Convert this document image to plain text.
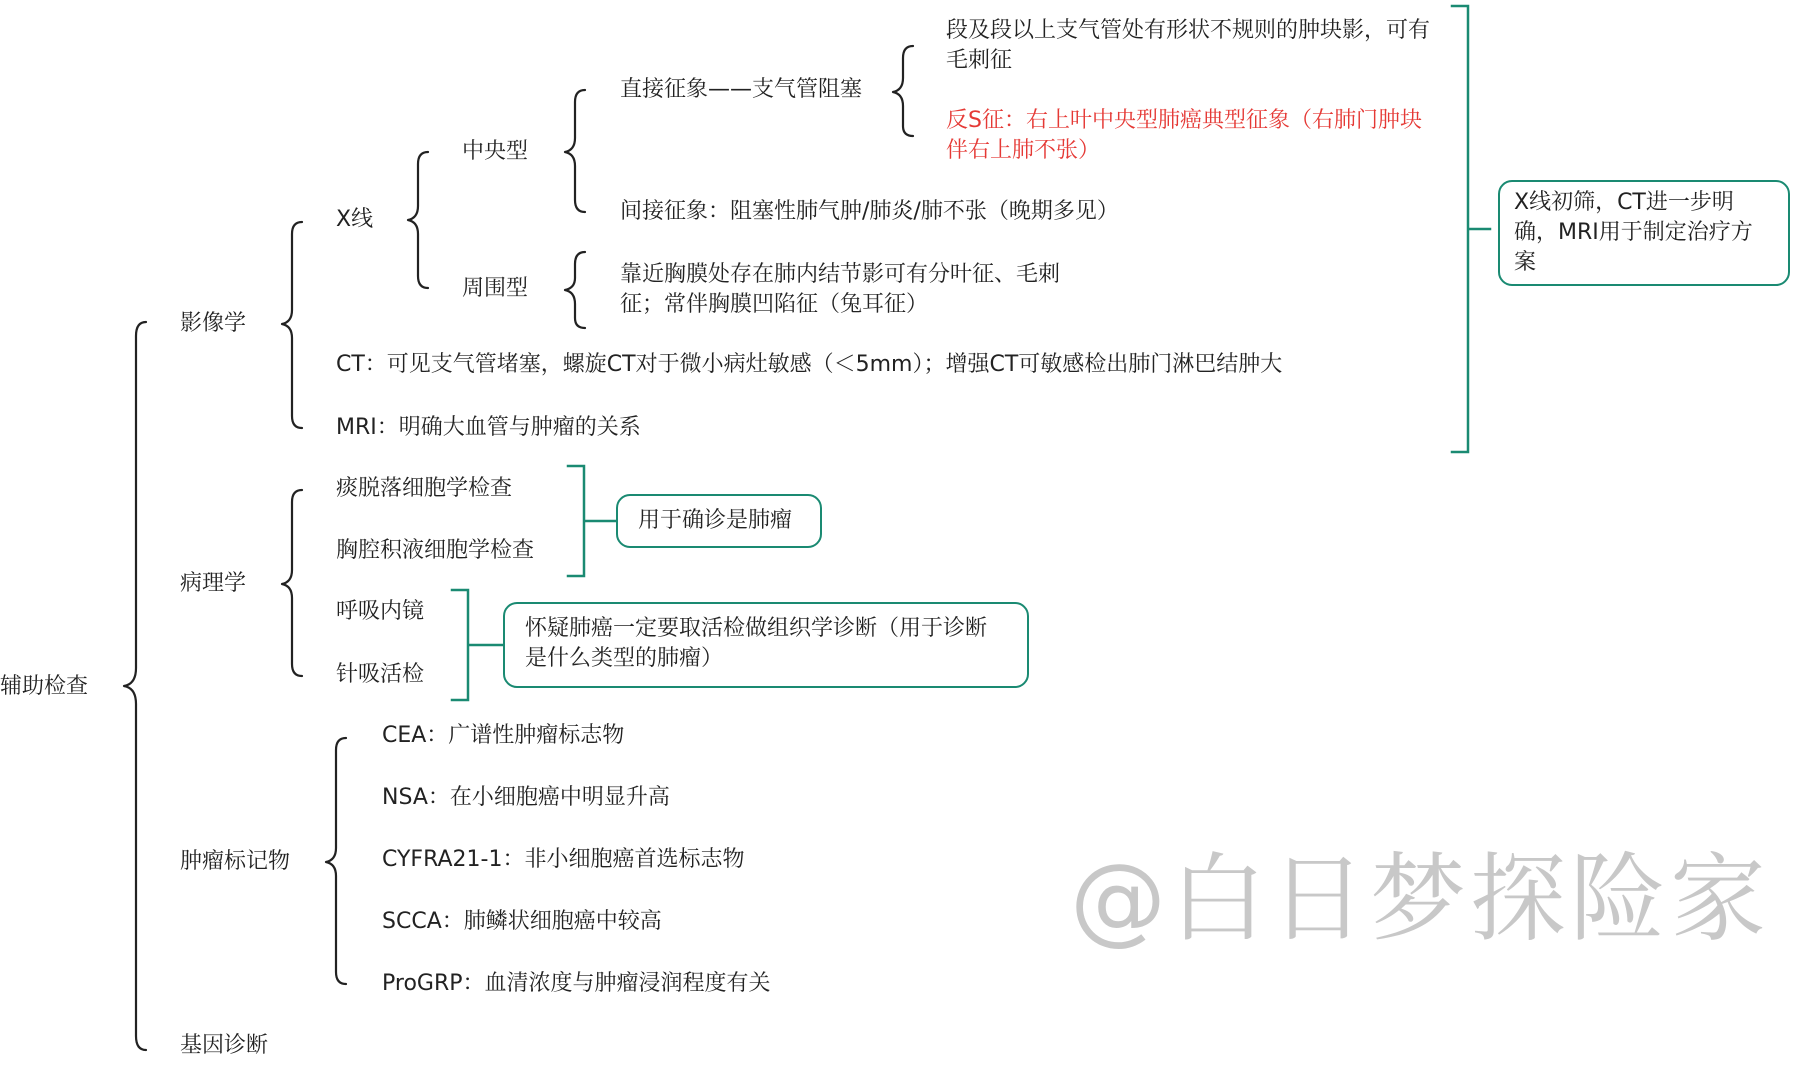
辅助检查
影像学
病理学
肿瘤标记物
基因诊断
X线
中央型
直接征象——支气管阻塞
段及段以上支气管处有形状不规则的肿块影，可有毛刺征
反S征：右上叶中央型肺癌典型征象（右肺门肿块伴右上肺不张）
间接征象：阻塞性肺气肿/肺炎/肺不张（晚期多见）
周围型
靠近胸膜处存在肺内结节影可有分叶征、毛刺征；常伴胸膜凹陷征（兔耳征）
CT：可见支气管堵塞，螺旋CT对于微小病灶敏感（＜5mm）；增强CT可敏感检出肺门淋巴结肿大
MRI：明确大血管与肿瘤的关系
X线初筛，CT进一步明确，MRI用于制定治疗方案
痰脱落细胞学检查
胸腔积液细胞学检查
用于确诊是肺瘤
呼吸内镜
针吸活检
怀疑肺癌一定要取活检做组织学诊断（用于诊断是什么类型的肺瘤）
CEA：广谱性肿瘤标志物
NSA：在小细胞癌中明显升高
CYFRA21-1：非小细胞癌首选标志物
SCCA：肺鳞状细胞癌中较高
ProGRP：血清浓度与肿瘤浸润程度有关
@白日梦探险家
